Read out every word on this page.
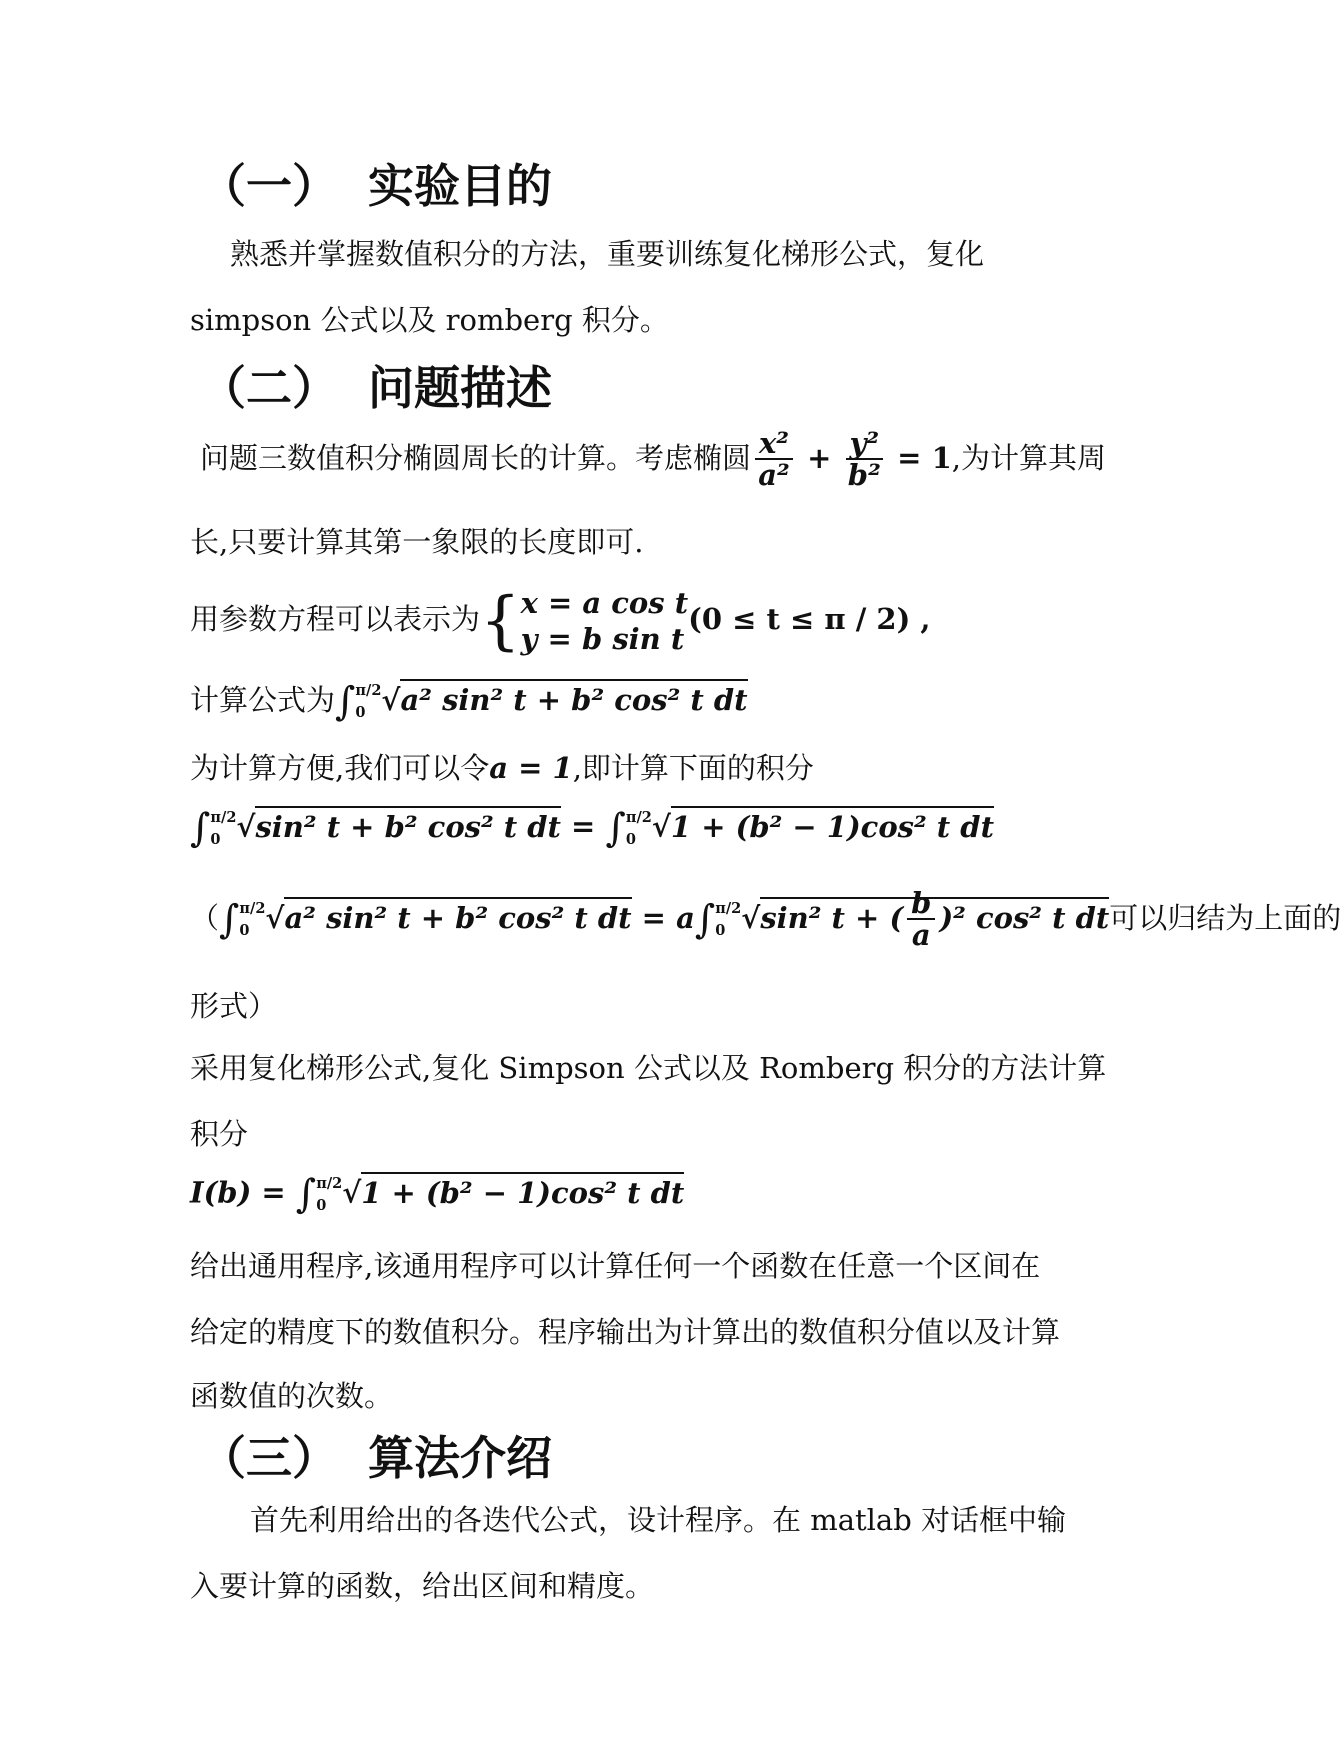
（一） 实验目的
熟悉并掌握数值积分的方法，重要训练复化梯形公式，复化
simpson 公式以及 romberg 积分。
（二） 问题描述
问题三数值积分椭圆周长的计算。考虑椭圆 $\frac{\text{x²}}{\text{a²}} + \frac{\text{y²}}{\text{b²}} = 1$,为计算其周
长,只要计算其第一象限的长度即可.
用参数方程可以表示为{ x = a cos t
y = b sin t
(0 ≤ t ≤ π / 2) ,
计算公式为∫ π/2
0 √a² sin² t + b² cos² t dt
为计算方便,我们可以令a = 1,即计算下面的积分
∫ π/2
0 √sin² t + b² cos² t dt = ∫ π/2
0 √1 + (b² − 1)cos² t dt
（∫ π/2
0 √a² sin² t + b² cos² t dt = a∫ π/2
0 √sin² t + ( $\frac{b}{a} )^2$ cos² t dt可以归结为上面的
形式）
采用复化梯形公式,复化 Simpson 公式以及 Romberg 积分的方法计算
积分
I(b) = ∫ π/2
0 √1 + (b² − 1)cos² t dt
给出通用程序,该通用程序可以计算任何一个函数在任意一个区间在
给定的精度下的数值积分。程序输出为计算出的数值积分值以及计算
函数值的次数。
（三） 算法介绍
首先利用给出的各迭代公式，设计程序。在 matlab 对话框中输
入要计算的函数，给出区间和精度。
